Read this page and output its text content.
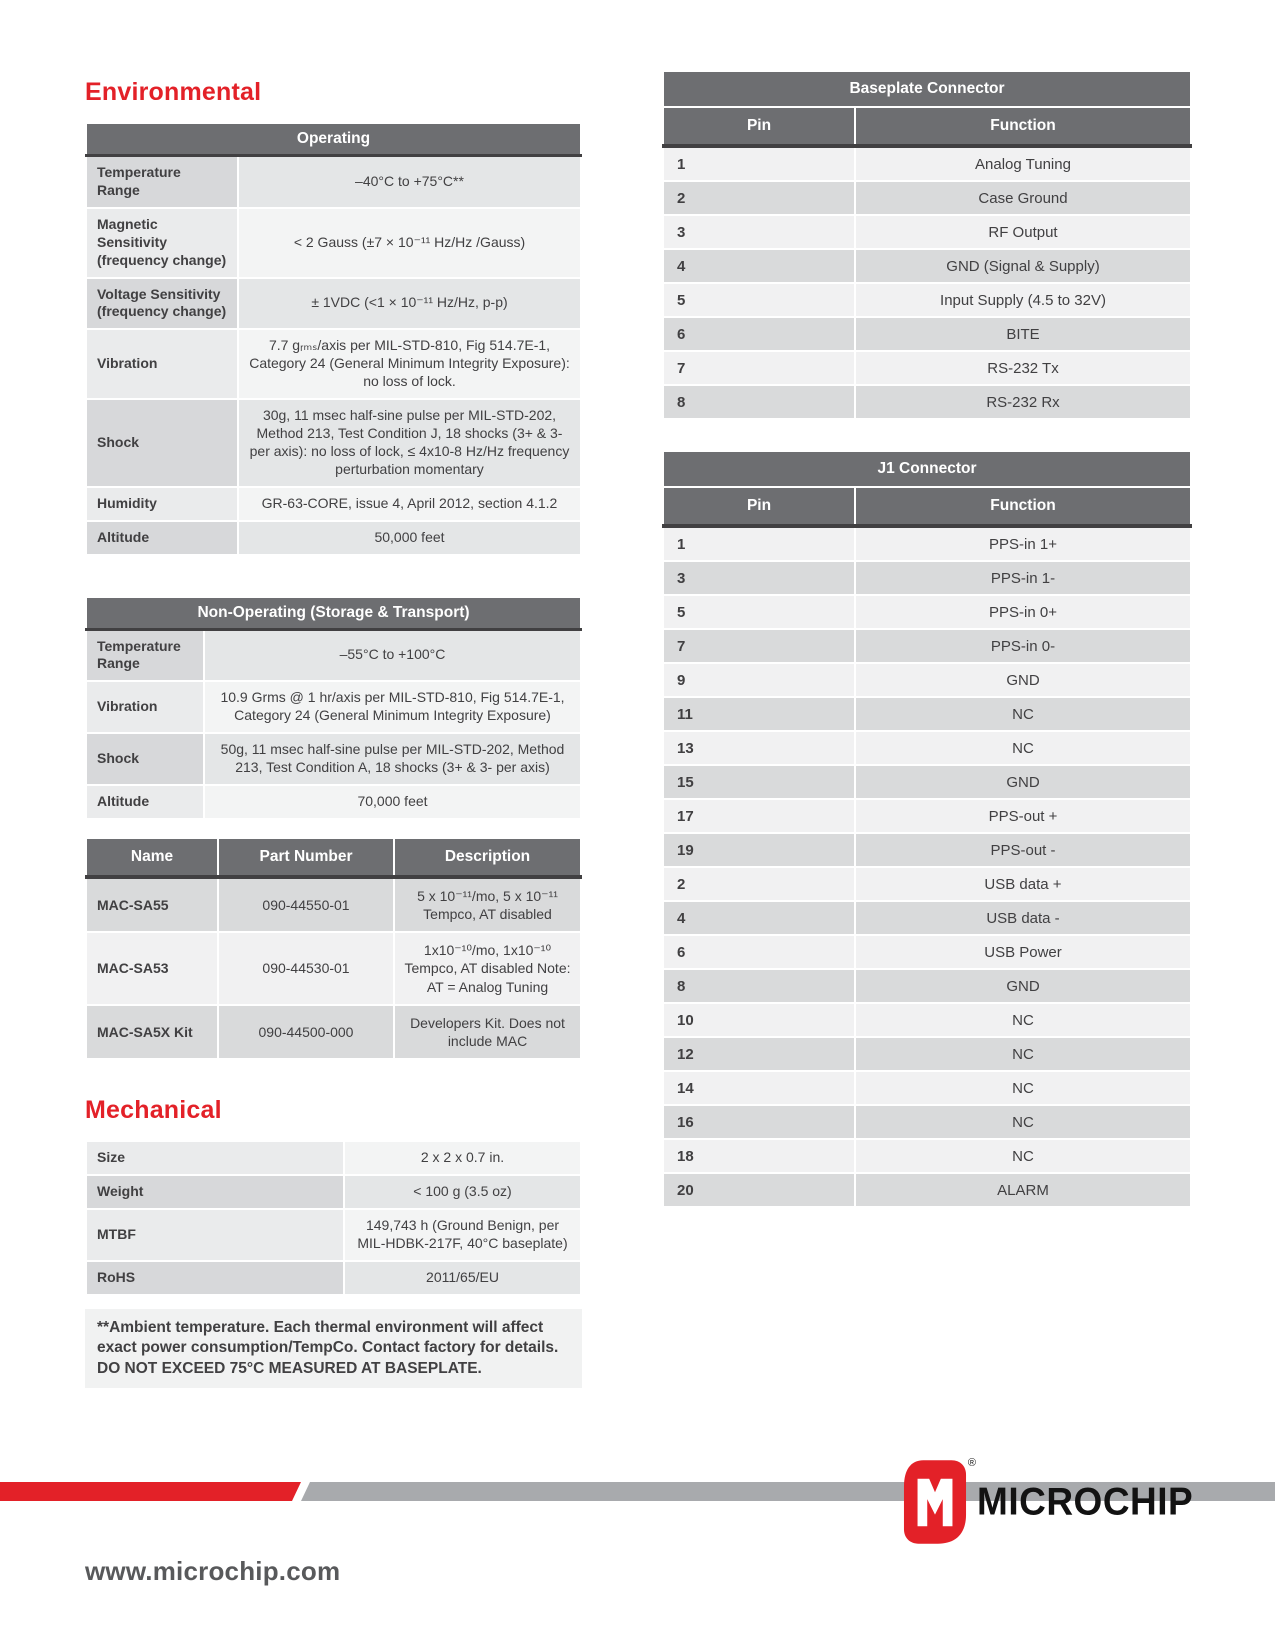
Environmental
Operating	
Temperature Range	–40°C to +75°C**
Magnetic Sensitivity (frequency change)	< 2 Gauss (±7 × 10⁻¹¹ Hz/Hz /Gauss)
Voltage Sensitivity (frequency change)	± 1VDC (<1 × 10⁻¹¹ Hz/Hz, p-p)
Vibration	7.7 gᵣₘₛ/axis per MIL-STD-810, Fig 514.7E-1, Category 24 (General Minimum Integrity Exposure): no loss of lock.
Shock	30g, 11 msec half-sine pulse per MIL-STD-202, Method 213, Test Condition J, 18 shocks (3+ & 3- per axis): no loss of lock, ≤ 4x10-8 Hz/Hz frequency perturbation momentary
Humidity	GR-63-CORE, issue 4, April 2012, section 4.1.2
Altitude	50,000 feet
Non-Operating (Storage & Transport)	
Temperature Range	–55°C to +100°C
Vibration	10.9 Grms @ 1 hr/axis per MIL-STD-810, Fig 514.7E-1, Category 24 (General Minimum Integrity Exposure)
Shock	50g, 11 msec half-sine pulse per MIL-STD-202, Method 213, Test Condition A, 18 shocks (3+ & 3- per axis)
Altitude	70,000 feet
Name	Part Number	Description
MAC-SA55	090-44550-01	5 x 10⁻¹¹/mo, 5 x 10⁻¹¹ Tempco, AT disabled
MAC-SA53	090-44530-01	1x10⁻¹⁰/mo, 1x10⁻¹⁰ Tempco, AT disabled Note: AT = Analog Tuning
MAC-SA5X Kit	090-44500-000	Developers Kit. Does not include MAC
Mechanical
Size	2 x 2 x 0.7 in.
Weight	< 100 g (3.5 oz)
MTBF	149,743 h (Ground Benign, per MIL-HDBK-217F, 40°C baseplate)
RoHS	2011/65/EU
**Ambient temperature. Each thermal environment will affect exact power consumption/TempCo. Contact factory for details. DO NOT EXCEED 75°C MEASURED AT BASEPLATE.
Baseplate Connector	
Pin	Function
1	Analog Tuning
2	Case Ground
3	RF Output
4	GND (Signal & Supply)
5	Input Supply (4.5 to 32V)
6	BITE
7	RS-232 Tx
8	RS-232 Rx
J1 Connector	
Pin	Function
1	PPS-in 1+
3	PPS-in 1-
5	PPS-in 0+
7	PPS-in 0-
9	GND
11	NC
13	NC
15	GND
17	PPS-out +
19	PPS-out -
2	USB data +
4	USB data -
6	USB Power
8	GND
10	NC
12	NC
14	NC
16	NC
18	NC
20	ALARM
www.microchip.com
®
MICROCHIP
